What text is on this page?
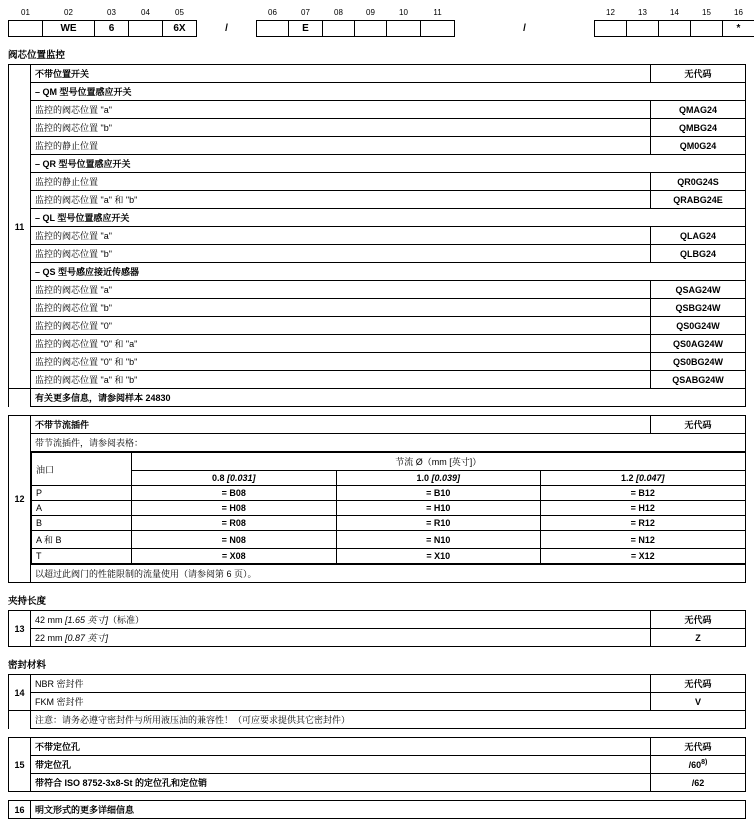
01	02	03	04	05		06	07	08	09	10	11		12	13	14	15	16
	WE	6		6X	/		E					/					*
阀芯位置监控
11	不带位置开关	无代码
	– QM 型号位置感应开关	
	监控的阀芯位置 "a"	QMAG24
	监控的阀芯位置 "b"	QMBG24
	监控的静止位置	QM0G24
	– QR 型号位置感应开关	
	监控的静止位置	QR0G24S
	监控的阀芯位置 "a" 和 "b"	QRABG24E
	– QL 型号位置感应开关	
	监控的阀芯位置 "a"	QLAG24
	监控的阀芯位置 "b"	QLBG24
	– QS 型号感应接近传感器	
	监控的阀芯位置 "a"	QSAG24W
	监控的阀芯位置 "b"	QSBG24W
	监控的阀芯位置 "0"	QS0G24W
	监控的阀芯位置 "0" 和 "a"	QS0AG24W
	监控的阀芯位置 "0" 和 "b"	QS0BG24W
	监控的阀芯位置 "a" 和 "b"	QSABG24W
	有关更多信息，请参阅样本 24830	
12	不带节流插件	无代码
带节流插件，请参阅表格：

油口	节流 Ø（mm [英寸]）
0.8 [0.031]	1.0 [0.039]	1.2 [0.047]
P	= B08	= B10	= B12
A	= H08	= H10	= H12
B	= R08	= R10	= R12
A 和 B	= N08	= N10	= N12
T	= X08	= X10	= X12

以超过此阀门的性能限制的流量使用（请参阅第 6 页）。
夹持长度
13	42 mm [1.65 英寸]（标准）	无代码
	22 mm [0.87 英寸]	Z
密封材料
14	NBR 密封件	无代码
	FKM 密封件	V
	注意：请务必遵守密封件与所用液压油的兼容性！（可应要求提供其它密封件）	
15	不带定位孔	无代码
	带定位孔	/60$^{8)}$
	带符合 ISO 8752-3x8-St 的定位孔和定位销	/62
16	明文形式的更多详细信息
